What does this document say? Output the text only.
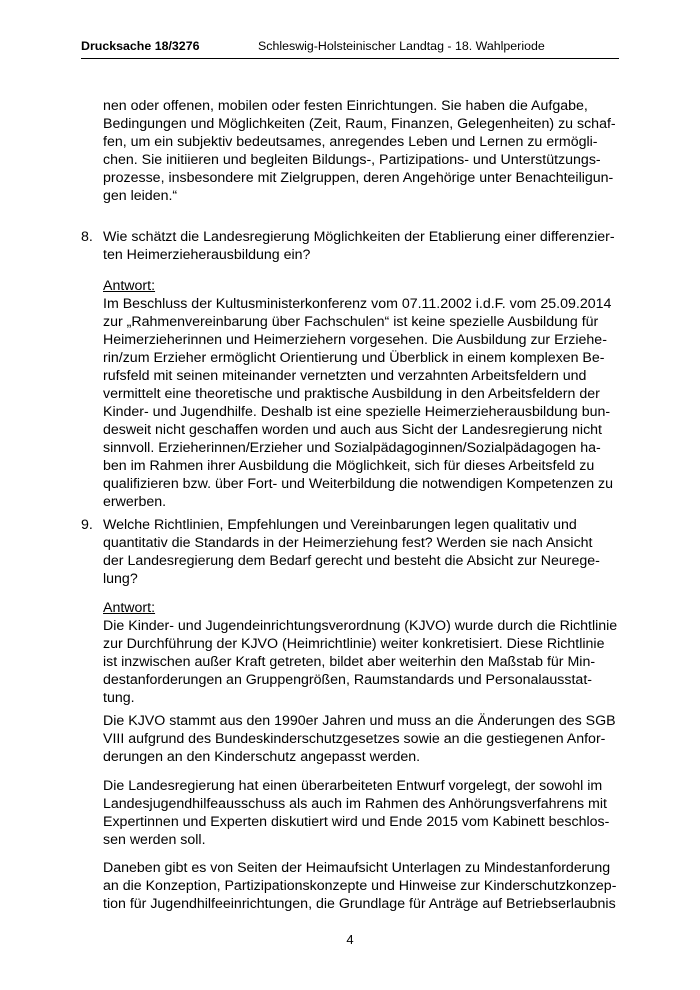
Drucksache 18/3276	Schleswig-Holsteinischer Landtag - 18. Wahlperiode
nen oder offenen, mobilen oder festen Einrichtungen. Sie haben die Aufgabe,
Bedingungen und Möglichkeiten (Zeit, Raum, Finanzen, Gelegenheiten) zu schaf-
fen, um ein subjektiv bedeutsames, anregendes Leben und Lernen zu ermögli-
chen. Sie initiieren und begleiten Bildungs-, Partizipations- und Unterstützungs-
prozesse, insbesondere mit Zielgruppen, deren Angehörige unter Benachteiligun-
gen leiden.“
8. Wie schätzt die Landesregierung Möglichkeiten der Etablierung einer differenzier-
ten Heimerzieherausbildung ein?
Antwort:
Im Beschluss der Kultusministerkonferenz vom 07.11.2002 i.d.F. vom 25.09.2014
zur „Rahmenvereinbarung über Fachschulen“ ist keine spezielle Ausbildung für
Heimerzieherinnen und Heimerziehern vorgesehen. Die Ausbildung zur Erziehe-
rin/zum Erzieher ermöglicht Orientierung und Überblick in einem komplexen Be-
rufsfeld mit seinen miteinander vernetzten und verzahnten Arbeitsfeldern und
vermittelt eine theoretische und praktische Ausbildung in den Arbeitsfeldern der
Kinder- und Jugendhilfe. Deshalb ist eine spezielle Heimerzieherausbildung bun-
desweit nicht geschaffen worden und auch aus Sicht der Landesregierung nicht
sinnvoll. Erzieherinnen/Erzieher und Sozialpädagoginnen/Sozialpädagogen ha-
ben im Rahmen ihrer Ausbildung die Möglichkeit, sich für dieses Arbeitsfeld zu
qualifizieren bzw. über Fort- und Weiterbildung die notwendigen Kompetenzen zu
erwerben.
9. Welche Richtlinien, Empfehlungen und Vereinbarungen legen qualitativ und
quantitativ die Standards in der Heimerziehung fest? Werden sie nach Ansicht
der Landesregierung dem Bedarf gerecht und besteht die Absicht zur Neurege-
lung?
Antwort:
Die Kinder- und Jugendeinrichtungsverordnung (KJVO) wurde durch die Richtlinie
zur Durchführung der KJVO (Heimrichtlinie) weiter konkretisiert. Diese Richtlinie
ist inzwischen außer Kraft getreten, bildet aber weiterhin den Maßstab für Min-
destanforderungen an Gruppengrößen, Raumstandards und Personalausstat-
tung.
Die KJVO stammt aus den 1990er Jahren und muss an die Änderungen des SGB
VIII aufgrund des Bundeskinderschutzgesetzes sowie an die gestiegenen Anfor-
derungen an den Kinderschutz angepasst werden.
Die Landesregierung hat einen überarbeiteten Entwurf vorgelegt, der sowohl im
Landesjugendhilfeausschuss als auch im Rahmen des Anhörungsverfahrens mit
Expertinnen und Experten diskutiert wird und Ende 2015 vom Kabinett beschlos-
sen werden soll.
Daneben gibt es von Seiten der Heimaufsicht Unterlagen zu Mindestanforderung
an die Konzeption, Partizipationskonzepte und Hinweise zur Kinderschutzkonzep-
tion für Jugendhilfeeinrichtungen, die Grundlage für Anträge auf Betriebserlaubnis
4
